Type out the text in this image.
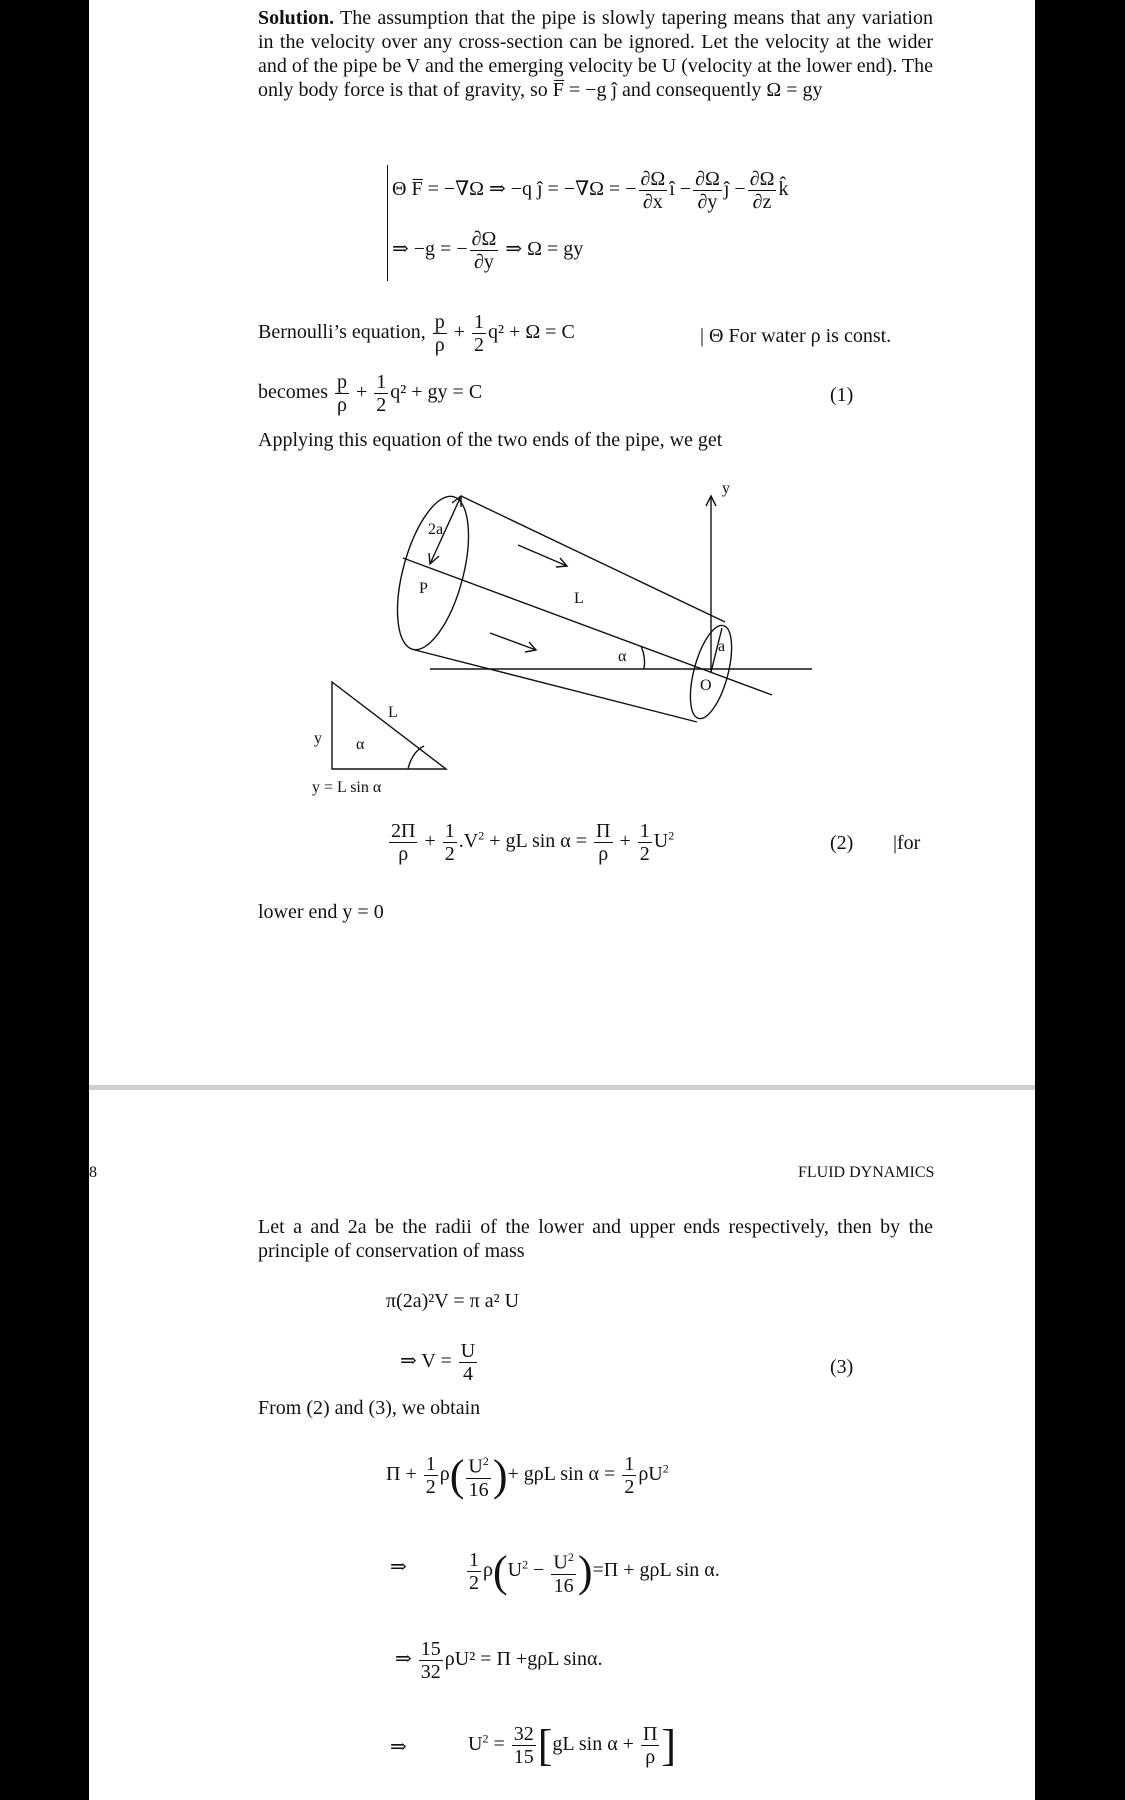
Solution. The assumption that the pipe is slowly tapering means that any variation in the velocity over any cross-section can be ignored. Let the velocity at the wider and of the pipe be V and the emerging velocity be U (velocity at the lower end). The only body force is that of gravity, so F̅ = −g ĵ and consequently Ω = gy
Θ F̅ = −∇Ω ⇒ −q ĵ = −∇Ω = − $\frac{\partial\Omega}{\partial x}$ î − $\frac{\partial\Omega}{\partial y}$ ĵ − $\frac{\partial\Omega}{\partial z}$ k̂
⇒ −g = − $\frac{\partial\Omega}{\partial y}$ ⇒ Ω = gy
Bernoulli’s equation, $\frac{p}{\rho} + \frac{1}{2} q^2 + \Omega = C$	| Θ For water ρ is const.
becomes $\frac{p}{\rho} + \frac{1}{2} q^2$ + gy = C	(1)
Applying this equation of the two ends of the pipe, we get
2a
P
L
α
y
a
O
L
y α
y = L sin α
$\frac{2\Pi}{\rho} + \frac{1}{2} .V^2$ + gL $\sin \alpha = \frac{\Pi}{\rho} + \frac{1}{2} U^2$	(2) |for
lower end y = 0
8	FLUID DYNAMICS
Let a and 2a be the radii of the lower and upper ends respectively, then by the principle of conservation of mass
π(2a)²V = π a² U
⇒ $V = \frac{U}{4}$	(3)
From (2) and (3), we obtain
$\Pi + \frac{1}{2} \rho( \frac{U^2}{16}$ )+ gρL $\sin \alpha = \frac{1}{2} \rho U^2$
⇒	$\frac{1}{2} \rho(U^2 - \frac{U^2}{16} )=\Pi + g\rho L$ sin α.
⇒ $\frac{15}{32} \rho U^2 = \Pi +g\rho L$ sinα.
⇒	$U^2 = \frac{32}{15} [gL$ $\sin \alpha + \frac{\Pi}{\rho}$ ]
